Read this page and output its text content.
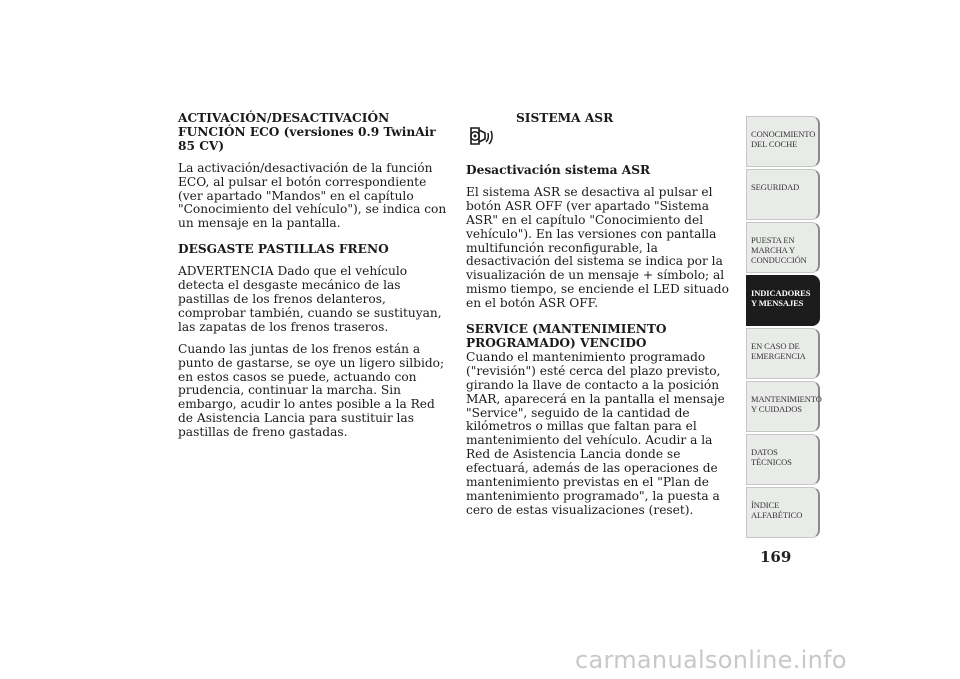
ACTIVACIÓN/DESACTIVACIÓN FUNCIÓN ECO (versiones 0.9 TwinAir 85 CV)

La activación/desactivación de la función ECO, al pulsar el botón correspondiente (ver apartado "Mandos" en el capítulo "Conocimiento del vehículo"), se indica con un mensaje en la pantalla.

DESGASTE PASTILLAS FRENO

ADVERTENCIA Dado que el vehículo detecta el desgaste mecánico de las pastillas de los frenos delanteros, comprobar también, cuando se sustituyan, las zapatas de los frenos traseros.

Cuando las juntas de los frenos están a punto de gastarse, se oye un ligero silbido; en estos casos se puede, actuando con prudencia, continuar la marcha. Sin embargo, acudir lo antes posible a la Red de Asistencia Lancia para sustituir las pastillas de freno gastadas.

SISTEMA ASR
Desactivación sistema ASR

El sistema ASR se desactiva al pulsar el botón ASR OFF (ver apartado "Sistema ASR" en el capítulo "Conocimiento del vehículo"). En las versiones con pantalla multifunción reconfigurable, la desactivación del sistema se indica por la visualización de un mensaje + símbolo; al mismo tiempo, se enciende el LED situado en el botón ASR OFF.

SERVICE (MANTENIMIENTO PROGRAMADO) VENCIDO

Cuando el mantenimiento programado ("revisión") esté cerca del plazo previsto, girando la llave de contacto a la posición MAR, aparecerá en la pantalla el mensaje "Service", seguido de la cantidad de kilómetros o millas que faltan para el mantenimiento del vehículo. Acudir a la Red de Asistencia Lancia donde se efectuará, además de las operaciones de mantenimiento previstas en el "Plan de mantenimiento programado", la puesta a cero de estas visualizaciones (reset).

CONOCIMIENTO DEL COCHE
SEGURIDAD
PUESTA EN MARCHA Y CONDUCCIÓN
INDICADORES Y MENSAJES
EN CASO DE EMERGENCIA
MANTENIMIENTO Y CUIDADOS
DATOS TÉCNICOS
ÍNDICE ALFABÉTICO
169
carmanualsonline.info
